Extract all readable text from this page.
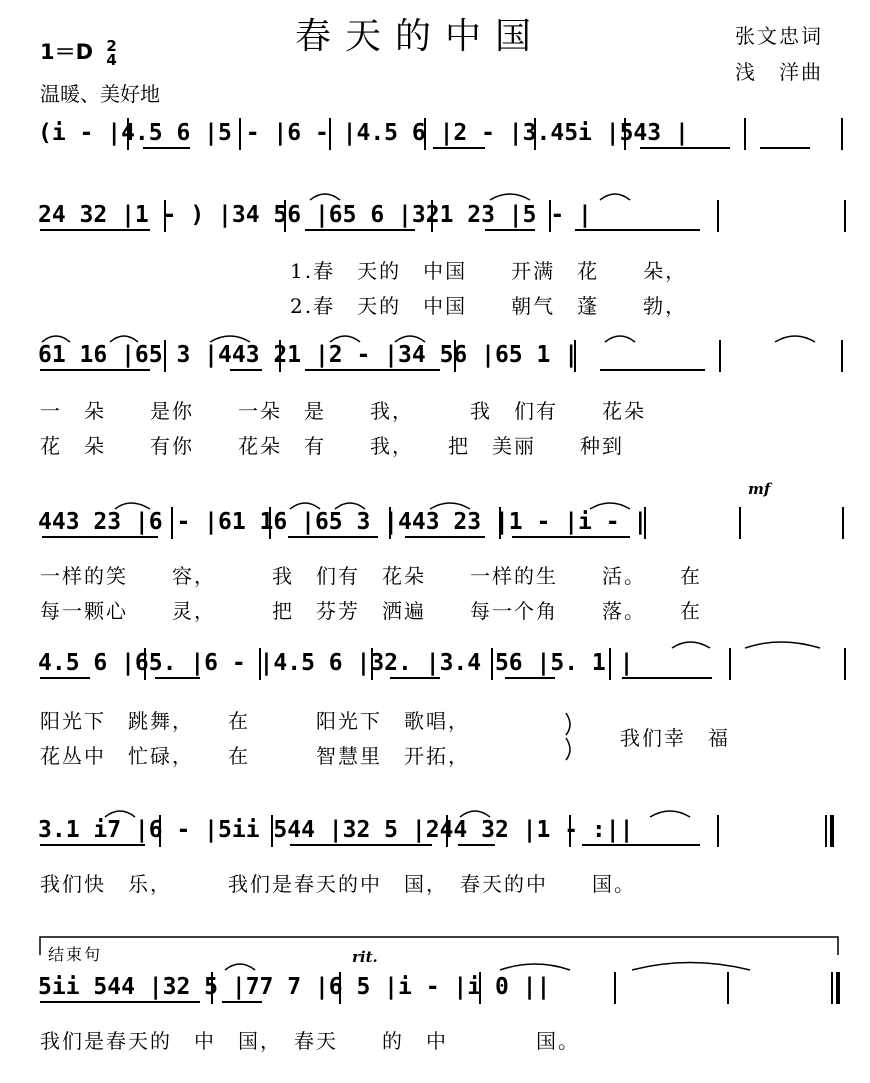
春天的中国	张文忠词
浅　洋曲
1＝D 2
4
温暖、美好地
(i - |4.5 6 |5 - |6 - |4.5 6 |2 - |3.45i |543 |
24 32 |1 - ) |34 56 |65 6 |321 23 |5 - |
1.春　天的　中国　　开满　花　　朵，
2.春　天的　中国　　朝气　蓬　　勃，
61 16 |65 3 |443 21 |2 - |34 56 |65 1 |
一　朵　　是你　　一朵　是　　我，　　　我　们有　　花朵
花　朵　　有你　　花朵　有　　我，　　把　美丽　　种到
mf
443 23 |6 - |61 16 |65 3 |443 23 |1 - |i - |
一样的笑　　容，　　　我　们有　花朵　　一样的生　　活。　　在
每一颗心　　灵，　　　把　芬芳　洒遍　　每一个角　　落。　　在
4.5 6 |65. |6 - |4.5 6 |32. |3.4 56 |5. 1 |
阳光下　跳舞，　　在　　　阳光下　歌唱，
花丛中　忙碌，　　在　　　智慧里　开拓，
我们幸　福
3.1 i7 |6 - |5ii 544 |32 5 |244 32 |1 - :||
我们快　乐，　　　我们是春天的中　国，　春天的中　　国。
结束句	rit.
5ii 544 |32 5 |77 7 |6 5 |i - |i 0 ||
我们是春天的　中　国，　春天　　的　中　　　　国。
